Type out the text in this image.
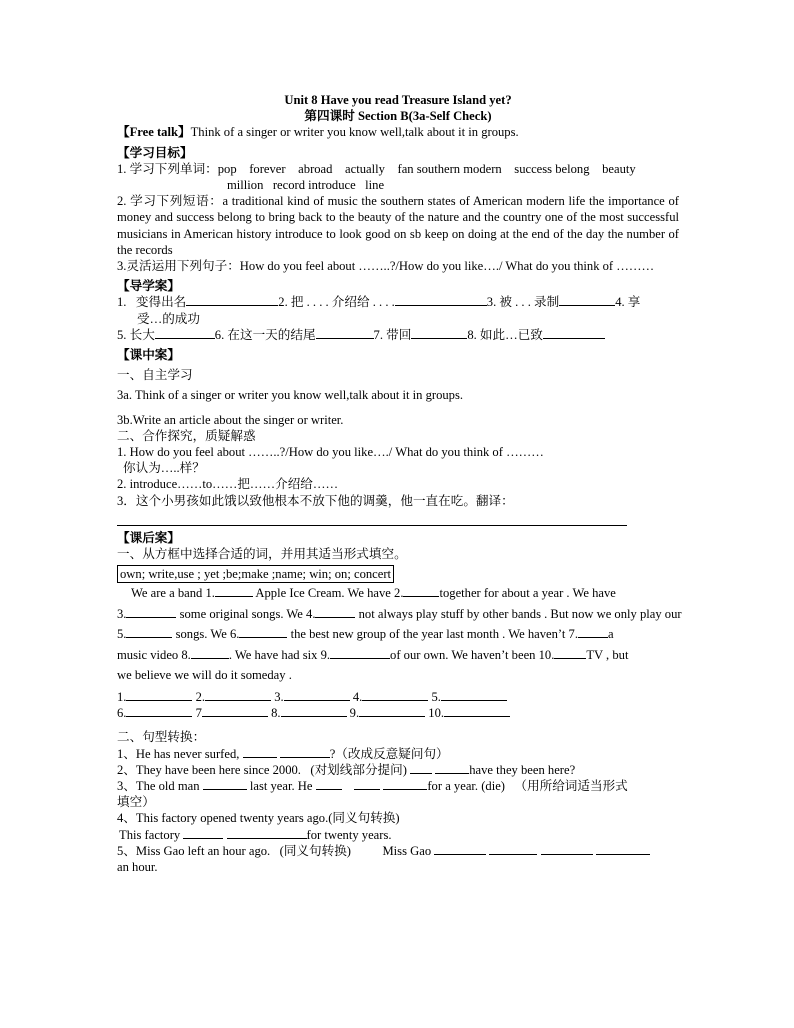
Unit 8 Have you read Treasure Island yet?
第四课时 Section B(3a-Self Check)
【Free talk】Think of a singer or writer you know well,talk about it in groups.
【学习目标】
1. 学习下列单词：pop    forever    abroad    actually    fan southern modern    success belong    beauty
million   record introduce   line
2. 学习下列短语：a traditional kind of music the southern states of American modern life the importance of money and success belong to bring back to the beauty of the nature and the country one of the most successful musicians in American history introduce to look good on sb keep on doing at the end of the day the number of the records
3.灵活运用下列句子：How do you feel about ……..?/How do you like…./ What do you think of ………
【导学案】
1.   变得出名	2. 把 . . . . 介绍给 . . . .	3. 被 . . . 录制	4. 享
受…的成功
5. 长大	6. 在这一天的结尾	7. 带回	8. 如此…已致
【课中案】
一、自主学习
3a. Think of a singer or writer you know well,talk about it in groups.
3b.Write an article about the singer or writer.
二、合作探究，质疑解惑
1. How do you feel about ……..?/How do you like…./ What do you think of ………
你认为…..样？
2. introduce……to……把……介绍给……
3．这个小男孩如此饿以致他根本不放下他的调羹，他一直在吃。翻译：
【课后案】
一、从方框中选择合适的词，并用其适当形式填空。
own; write,use ; yet ;be;make ;name; win; on; concert
We are a band 1.	Apple Ice Cream. We have 2.	together for about a year . We have
3.	some original songs. We 4.	not always play stuff by other bands . But now we only play our
5.	songs. We 6.	the best new group of the year last month . We haven’t 7. a
music video 8.	. We have had six 9.	of our own. We haven’t been 10.	TV , but
we believe we will do it someday .
1.	2.	3.	4.	5.
6.	7	8.	9.	10.
二、句型转换：
1、He has never surfed,	?（改成反意疑问句）
2、They have been here since 2000.   (对划线部分提问)	have they been here?
3、The old man	last year. He	for a year. (die)   （用所给词适当形式
填空）
4、This factory opened twenty years ago.(同义句转换)
This factory	for twenty years.
5、Miss Gao left an hour ago.   (同义句转换)          Miss Gao
an hour.
